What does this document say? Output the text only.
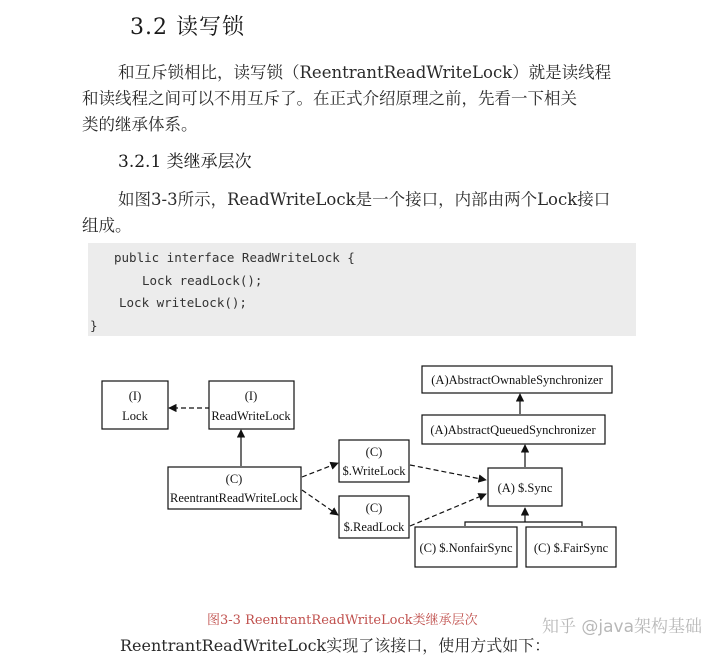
3.2 读写锁
和互斥锁相比，读写锁（ReentrantReadWriteLock）就是读线程
和读线程之间可以不用互斥了。在正式介绍原理之前，先看一下相关
类的继承体系。
3.2.1 类继承层次
如图3-3所示，ReadWriteLock是一个接口，内部由两个Lock接口
组成。
public interface ReadWriteLock {
Lock readLock();
Lock writeLock();
}
(I)
Lock
(I)
ReadWriteLock
(C)
ReentrantReadWriteLock
(C)
$.WriteLock
(C)
$.ReadLock
(A)AbstractOwnableSynchronizer
(A)AbstractQueuedSynchronizer
(A) $.Sync
(C) $.NonfairSync (C) $.FairSync
图3-3 ReentrantReadWriteLock类继承层次	知乎 @java架构基础
ReentrantReadWriteLock实现了该接口，使用方式如下：
